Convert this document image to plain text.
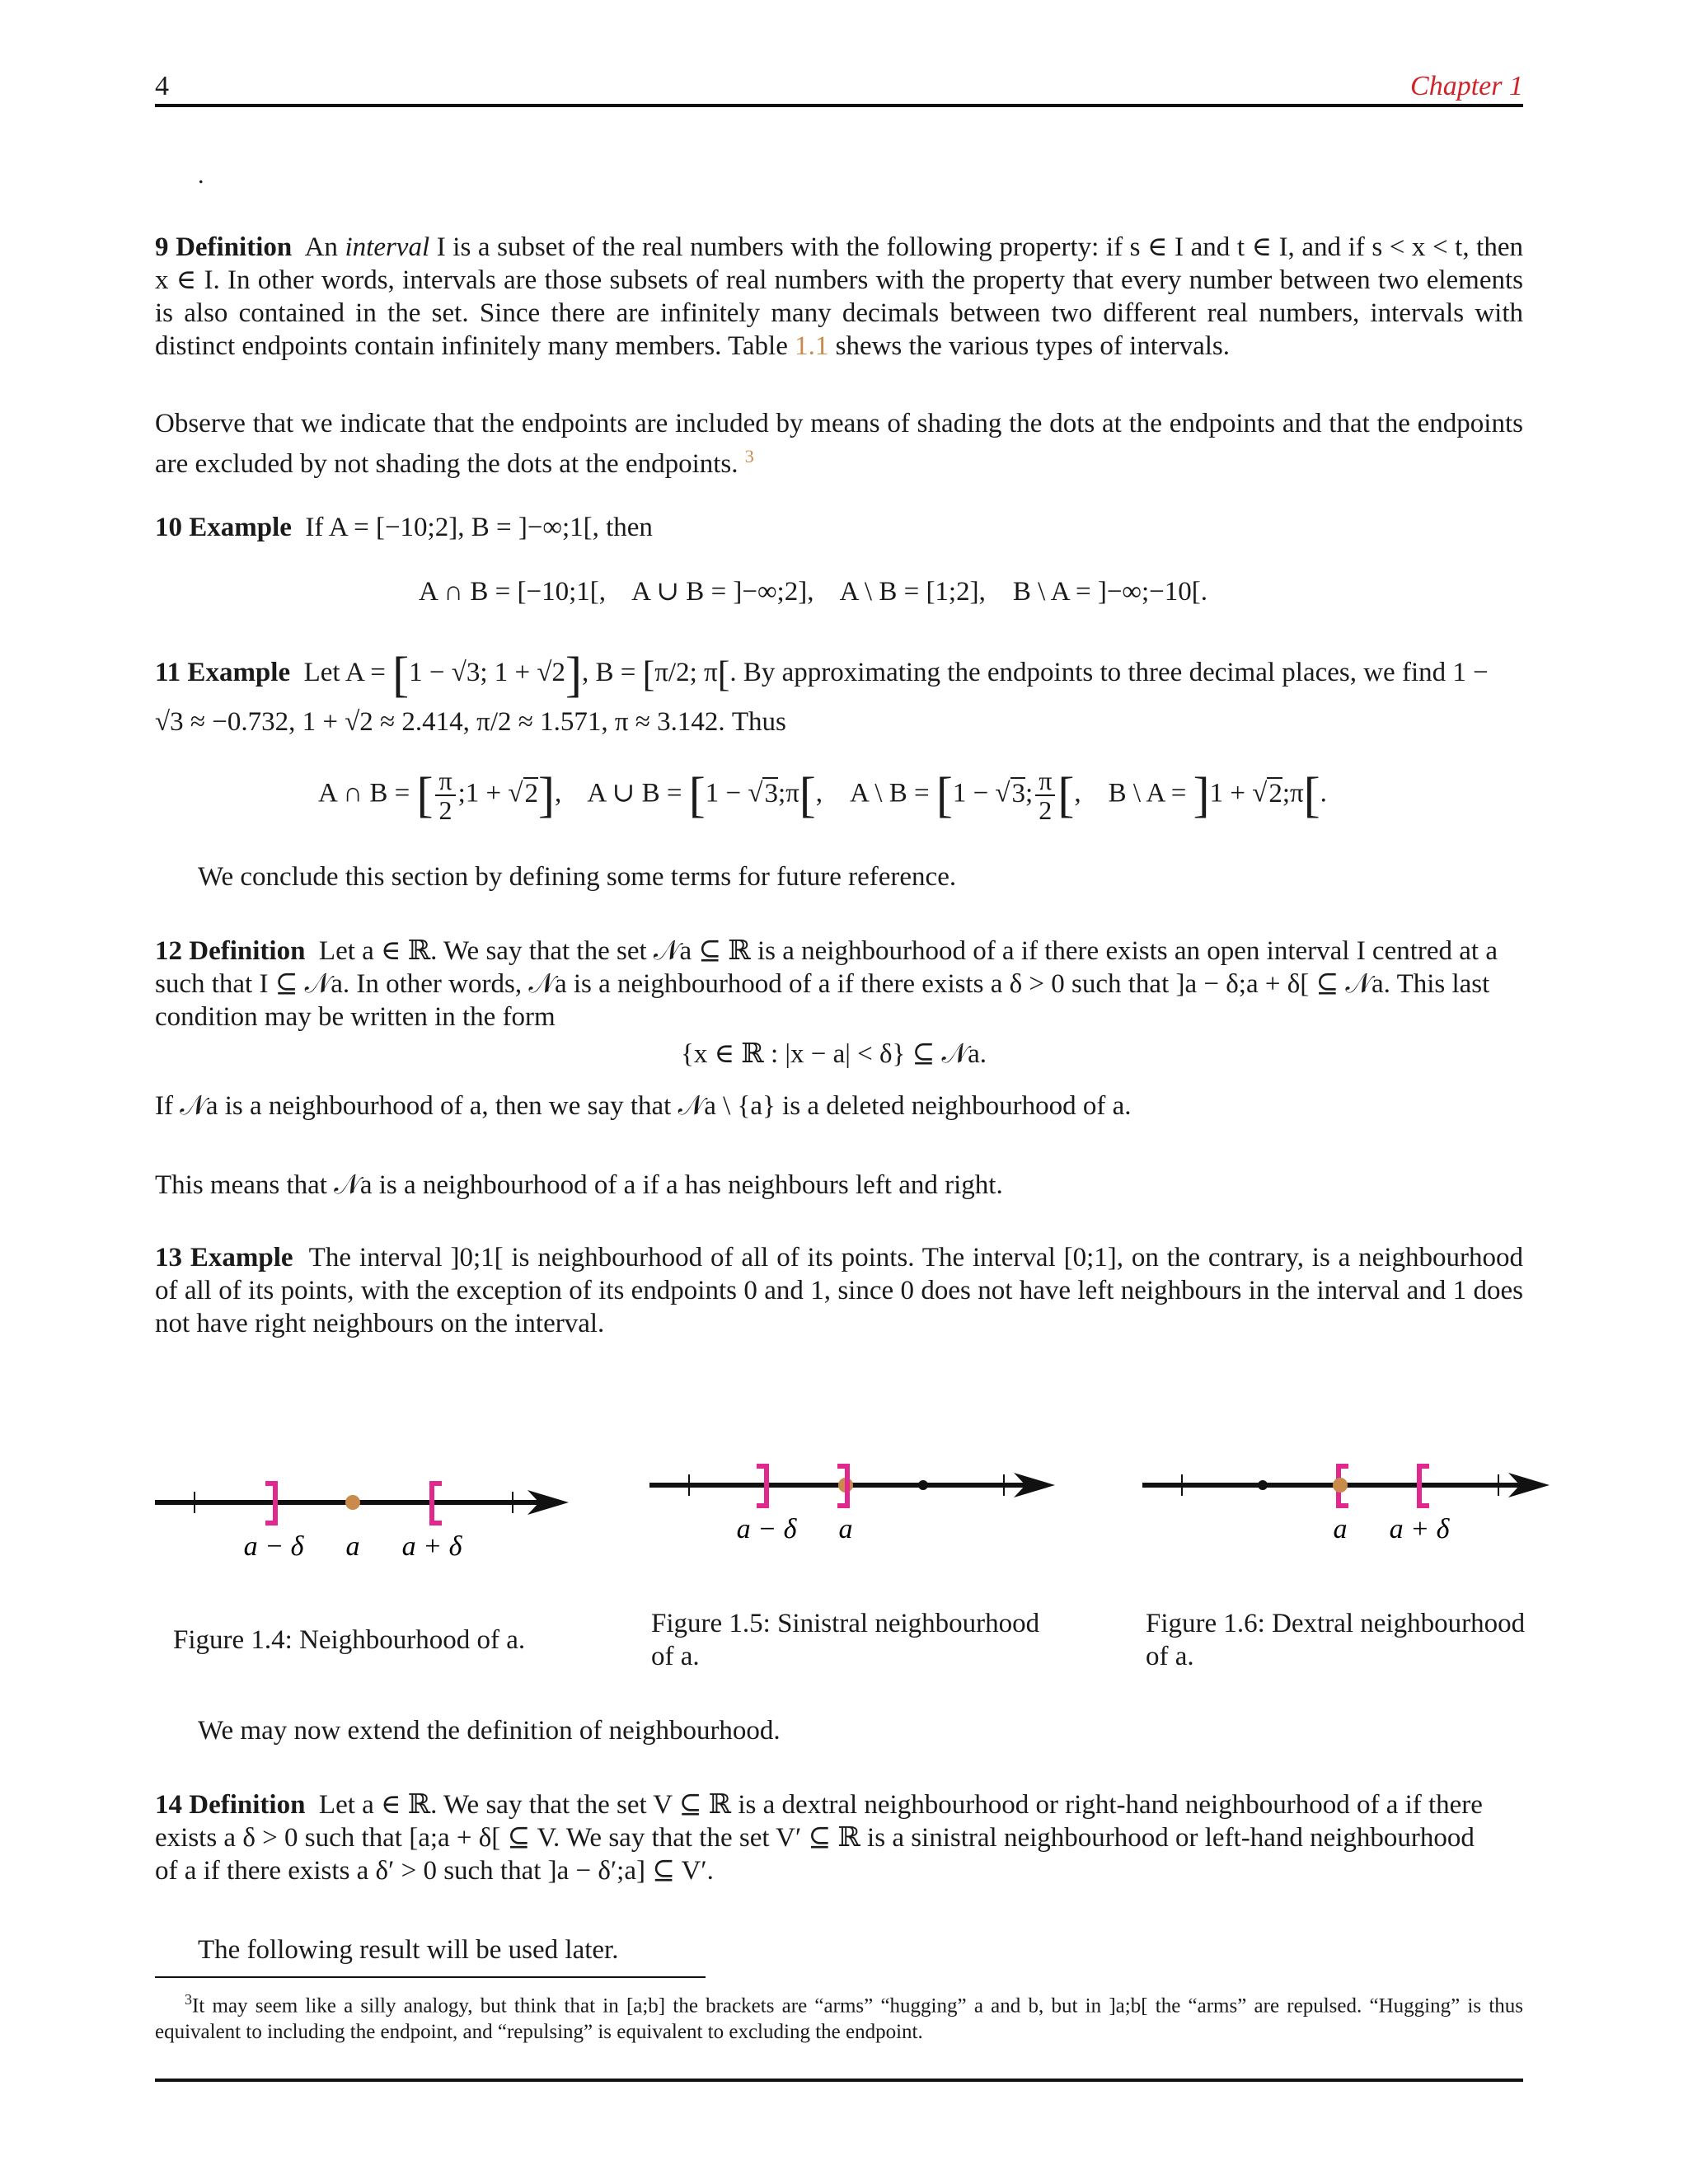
4	Chapter 1
.
9 Definition An interval I is a subset of the real numbers with the following property: if s ∈ I and t ∈ I, and if s < x < t, then x ∈ I. In other words, intervals are those subsets of real numbers with the property that every number between two elements is also contained in the set. Since there are infinitely many decimals between two different real numbers, intervals with distinct endpoints contain infinitely many members. Table 1.1 shews the various types of intervals.
Observe that we indicate that the endpoints are included by means of shading the dots at the endpoints and that the endpoints are excluded by not shading the dots at the endpoints. $^3$
10 Example If A = [−10;2], B = ]−∞;1[, then
A ∩ B = [−10;1[,    A ∪ B = ]−∞;2],    A \ B = [1;2],    B \ A = ]−∞;−10[.
11 Example Let A = [1 − √3; 1 + √2], B = [π/2; π[. By approximating the endpoints to three decimal places, we find 1 −
√3 ≈ −0.732, 1 + √2 ≈ 2.414, π/2 ≈ 1.571, π ≈ 3.142. Thus
A ∩ B = [ $\frac{\pi}{2}$ ;1 + √2],    A ∪ B = [1 − √3;π[,    A \ B = [1 − √3; $\frac{\pi}{2}$ [,    B \ A = ]1 + √2;π[.
We conclude this section by defining some terms for future reference.
12 Definition Let a ∈ ℝ. We say that the set 𝒩a ⊆ ℝ is a neighbourhood of a if there exists an open interval I centred at a
such that I ⊆ 𝒩a. In other words, 𝒩a is a neighbourhood of a if there exists a δ > 0 such that ]a − δ;a + δ[ ⊆ 𝒩a. This last
condition may be written in the form
{x ∈ ℝ : |x − a| < δ} ⊆ 𝒩a.
If 𝒩a is a neighbourhood of a, then we say that 𝒩a \ {a} is a deleted neighbourhood of a.
This means that 𝒩a is a neighbourhood of a if a has neighbours left and right.
13 Example The interval ]0;1[ is neighbourhood of all of its points. The interval [0;1], on the contrary, is a neighbourhood of all of its points, with the exception of its endpoints 0 and 1, since 0 does not have left neighbours in the interval and 1 does not have right neighbours on the interval.
a − δ a a + δ
a − δ a	a a + δ
Figure 1.4: Neighbourhood of a.
Figure 1.5: Sinistral neighbourhood of a.
Figure 1.6: Dextral neighbourhood of a.
We may now extend the definition of neighbourhood.
14 Definition Let a ∈ ℝ. We say that the set V ⊆ ℝ is a dextral neighbourhood or right-hand neighbourhood of a if there
exists a δ > 0 such that [a;a + δ[ ⊆ V. We say that the set V′ ⊆ ℝ is a sinistral neighbourhood or left-hand neighbourhood
of a if there exists a δ′ > 0 such that ]a − δ′;a] ⊆ V′.
The following result will be used later.
$^3$It may seem like a silly analogy, but think that in [a;b] the brackets are “arms” “hugging” a and b, but in ]a;b[ the “arms” are repulsed. “Hugging” is thus equivalent to including the endpoint, and “repulsing” is equivalent to excluding the endpoint.
